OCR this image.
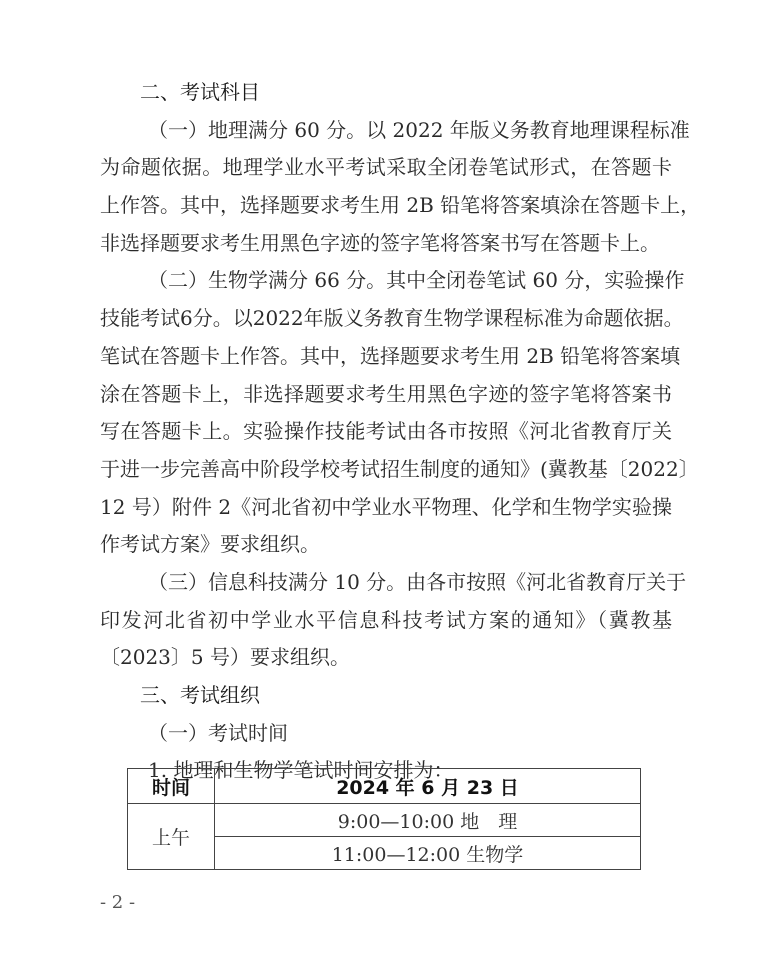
二、考试科目
（一）地理满分 60 分。以 2022 年版义务教育地理课程标准
为命题依据。地理学业水平考试采取全闭卷笔试形式，在答题卡
上作答。其中，选择题要求考生用 2B 铅笔将答案填涂在答题卡上，
非选择题要求考生用黑色字迹的签字笔将答案书写在答题卡上。
（二）生物学满分 66 分。其中全闭卷笔试 60 分，实验操作
技能考试6分。以2022年版义务教育生物学课程标准为命题依据。
笔试在答题卡上作答。其中，选择题要求考生用 2B 铅笔将答案填
涂在答题卡上，非选择题要求考生用黑色字迹的签字笔将答案书
写在答题卡上。实验操作技能考试由各市按照《河北省教育厅关
于进一步完善高中阶段学校考试招生制度的通知》(冀教基〔2022〕
12 号）附件 2《河北省初中学业水平物理、化学和生物学实验操
作考试方案》要求组织。
（三）信息科技满分 10 分。由各市按照《河北省教育厅关于
印发河北省初中学业水平信息科技考试方案的通知》（冀教基
〔2023〕5 号）要求组织。
三、考试组织
（一）考试时间
1. 地理和生物学笔试时间安排为：
时间	2024 年 6 月 23 日
上午	9:00—10:00 地　理
	11:00—12:00 生物学
- 2 -
